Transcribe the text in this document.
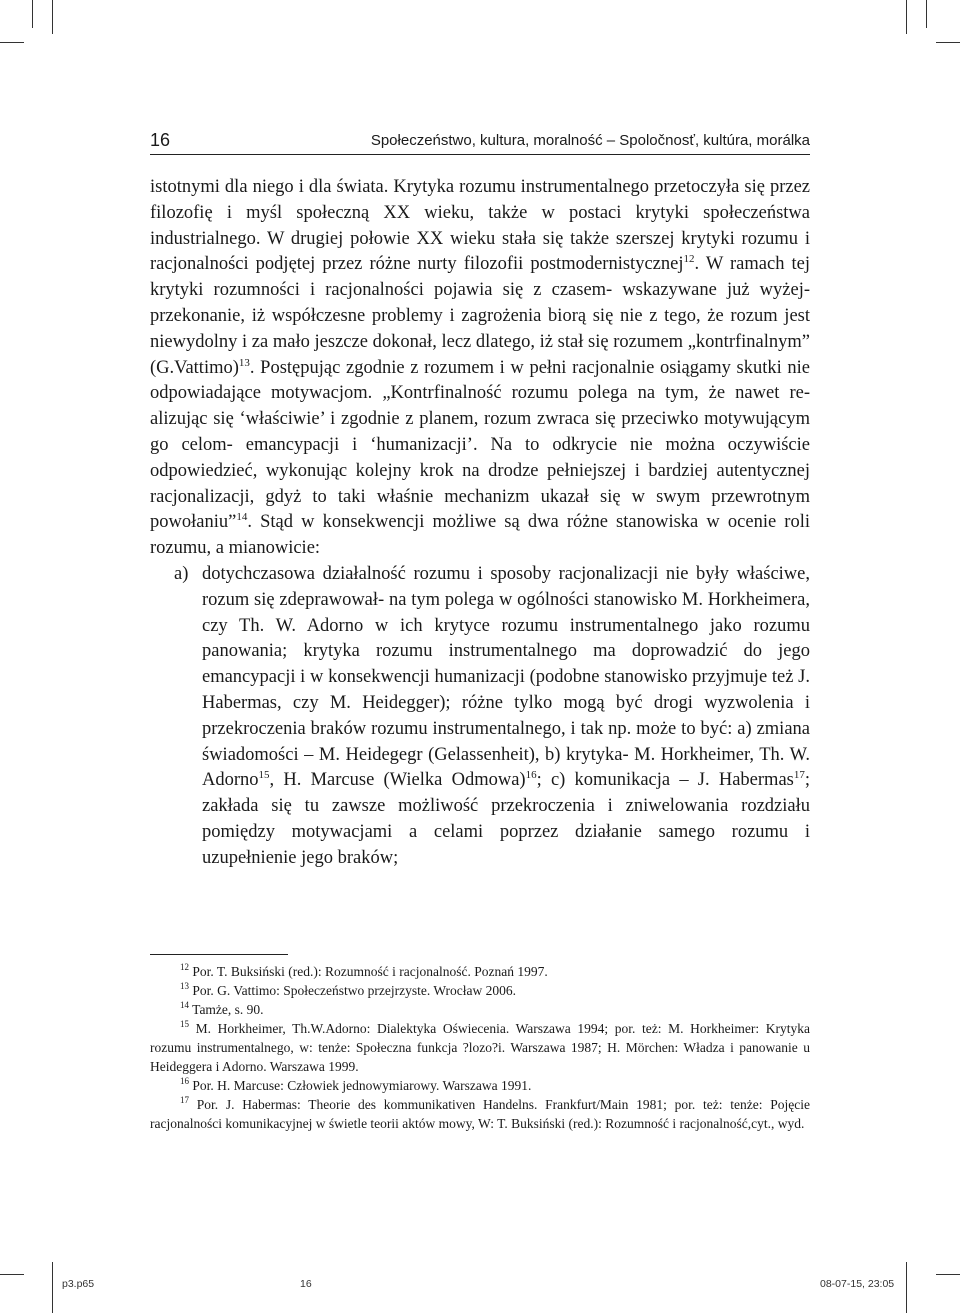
16	Społeczeństwo, kultura, moralność – Spoločnosť, kultúra, morálka

istotnymi dla niego i dla świata. Krytyka rozumu instrumentalnego przetoczyła się przez filozofię i myśl społeczną XX wieku, także w postaci krytyki społeczeństwa industrialnego. W drugiej połowie XX wieku stała się także szerszej krytyki rozumu i racjonalności podjętej przez różne nurty filozofii postmodernistycznej$^{12}$. W ramach tej krytyki rozumności i racjonalności pojawia się z czasem- wskazywane już wyżej- przekonanie, iż współczesne problemy i zagrożenia biorą się nie z tego, że rozum jest niewydolny i za mało jeszcze dokonał, lecz dlatego, iż stał się rozumem „kontrfinalnym” (G.Vattimo)$^{13}$. Postępując zgodnie z rozumem i w pełni racjonalnie osiągamy skutki nie odpowiadające motywacjom. „Kontrfinalność rozumu polega na tym, że nawet realizując się ‘właściwie’ i zgodnie z planem, rozum zwraca się przeciwko motywującym go celom- emancypacji i ‘humanizacji’. Na to odkrycie nie można oczywiście odpowiedzieć, wykonując kolejny krok na drodze pełniejszej i bardziej autentycznej racjonalizacji, gdyż to taki właśnie mechanizm ukazał się w swym przewrotnym powołaniu”$^{14}$. Stąd w konsekwencji możliwe są dwa różne stanowiska w ocenie roli rozumu, a mianowicie:

a) dotychczasowa działalność rozumu i sposoby racjonalizacji nie były właściwe, rozum się zdeprawował- na tym polega w ogólności stanowisko M. Horkheimera, czy Th. W. Adorno w ich krytyce rozumu instrumentalnego jako rozumu panowania; krytyka rozumu instrumentalnego ma doprowadzić do jego emancypacji i w konsekwencji humanizacji (podobne stanowisko przyjmuje też J. Habermas, czy M. Heidegger); różne tylko mogą być drogi wyzwolenia i przekroczenia braków rozumu instrumentalnego, i tak np. może to być: a) zmiana świadomości – M. Heidegegr (Gelassenheit), b) krytyka- M. Horkheimer, Th. W. Adorno$^{15}$, H. Marcuse (Wielka Odmowa)$^{16}$; c) komunikacja – J. Habermas$^{17}$; zakłada się tu zawsze możliwość przekroczenia i zniwelowania rozdziału pomiędzy motywacjami a celami poprzez działanie samego rozumu i uzupełnienie jego braków;

$^{12}$ Por. T. Buksiński (red.): Rozumność i racjonalność. Poznań 1997.

$^{13}$ Por. G. Vattimo: Społeczeństwo przejrzyste. Wrocław 2006.

$^{14}$ Tamże, s. 90.

$^{15}$ M. Horkheimer, Th.W.Adorno: Dialektyka Oświecenia. Warszawa 1994; por. też: M. Horkheimer: Krytyka rozumu instrumentalnego, w: tenże: Społeczna funkcja ?lozo?i. Warszawa 1987; H. Mörchen: Władza i panowanie u Heideggera i Adorno. Warszawa 1999.

$^{16}$ Por. H. Marcuse: Człowiek jednowymiarowy. Warszawa 1991.

$^{17}$ Por. J. Habermas: Theorie des kommunikativen Handelns. Frankfurt/Main 1981; por. też: tenże: Pojęcie racjonalności komunikacyjnej w świetle teorii aktów mowy, W: T. Buksiński (red.): Rozumność i racjonalność,cyt., wyd.

p3.p65	16	08-07-15, 23:05
